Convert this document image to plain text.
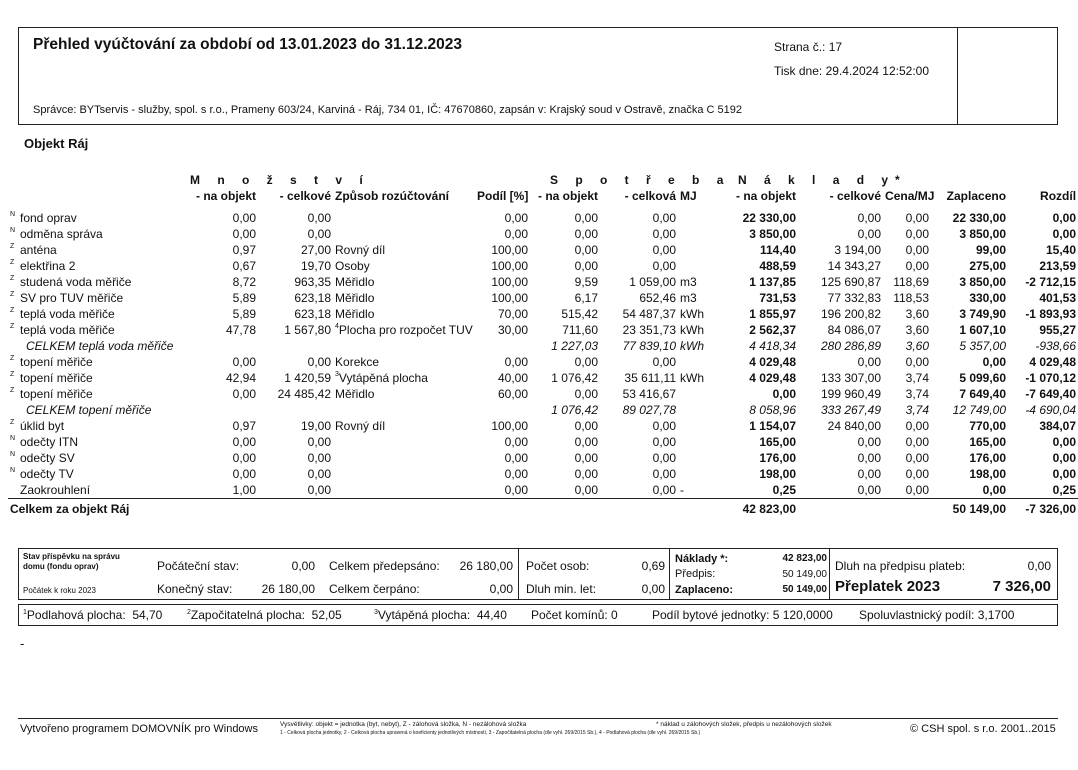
Přehled vyúčtování za období od 13.01.2023 do 31.12.2023	Strana č.: 17
Tisk dne: 29.4.2024 12:52:00
Správce: BYTservis - služby, spol. s r.o., Prameny 603/24, Karviná - Ráj, 734 01, IČ: 47670860, zapsán v: Krajský soud v Ostravě, značka C 5192
Objekt Ráj
	M n o ž s t v í				S p o t ř e b a			N á k l a d y*				
	- na objekt	- celkové	Způsob rozúčtování	Podíl [%]	- na objekt	- celková	MJ	- na objekt	- celkové	Cena/MJ	Zaplaceno	Rozdíl

N fond oprav	0,00	0,00		0,00	0,00	0,00		22 330,00	0,00	0,00	22 330,00	0,00
N odměna správa	0,00	0,00		0,00	0,00	0,00		3 850,00	0,00	0,00	3 850,00	0,00
Z anténa	0,97	27,00	Rovný díl	100,00	0,00	0,00		114,40	3 194,00	0,00	99,00	15,40
Z elektřina 2	0,67	19,70	Osoby	100,00	0,00	0,00		488,59	14 343,27	0,00	275,00	213,59
Z studená voda měřiče	8,72	963,35	Měřidlo	100,00	9,59	1 059,00	m3	1 137,85	125 690,87	118,69	3 850,00	-2 712,15
Z SV pro TUV měřiče	5,89	623,18	Měřidlo	100,00	6,17	652,46	m3	731,53	77 332,83	118,53	330,00	401,53
Z teplá voda měřiče	5,89	623,18	Měřidlo	70,00	515,42	54 487,37	kWh	1 855,97	196 200,82	3,60	3 749,90	-1 893,93
Z teplá voda měřiče	47,78	1 567,80	$^4$Plocha pro rozpočet TUV	30,00	711,60	23 351,73	kWh	2 562,37	84 086,07	3,60	1 607,10	955,27
CELKEM teplá voda měřiče					1 227,03	77 839,10	kWh	4 418,34	280 286,89	3,60	5 357,00	-938,66
Z topení měřiče	0,00	0,00	Korekce	0,00	0,00	0,00		4 029,48	0,00	0,00	0,00	4 029,48
Z topení měřiče	42,94	1 420,59	$^3$Vytápěná plocha	40,00	1 076,42	35 611,11	kWh	4 029,48	133 307,00	3,74	5 099,60	-1 070,12
Z topení měřiče	0,00	24 485,42	Měřidlo	60,00	0,00	53 416,67		0,00	199 960,49	3,74	7 649,40	-7 649,40
CELKEM topení měřiče					1 076,42	89 027,78		8 058,96	333 267,49	3,74	12 749,00	-4 690,04
Z úklid byt	0,97	19,00	Rovný díl	100,00	0,00	0,00		1 154,07	24 840,00	0,00	770,00	384,07
N odečty ITN	0,00	0,00		0,00	0,00	0,00		165,00	0,00	0,00	165,00	0,00
N odečty SV	0,00	0,00		0,00	0,00	0,00		176,00	0,00	0,00	176,00	0,00
N odečty TV	0,00	0,00		0,00	0,00	0,00		198,00	0,00	0,00	198,00	0,00
Zaokrouhlení	1,00	0,00		0,00	0,00	0,00	-	0,25	0,00	0,00	0,00	0,25
Celkem za objekt Ráj								42 823,00			50 149,00	-7 326,00
Stav příspěvku na správu domu (fondu oprav)
Počátek k roku 2023
Počáteční stav:	0,00
Konečný stav:	26 180,00
Celkem předepsáno:	26 180,00
Celkem čerpáno:	0,00
Počet osob:	0,69
Dluh min. let:	0,00
Náklady *:	42 823,00
Předpis:	50 149,00
Zaplaceno:	50 149,00
Dluh na předpisu plateb:	0,00
Přeplatek 2023	7 326,00
$^1$Podlahová plocha: 54,70	$^2$Započitatelná plocha: 52,05	$^3$Vytápěná plocha: 44,40 Počet komínů: 0	Podíl bytové jednotky: 5 120,0000 Spoluvlastnický podíl: 3,1700
-
Vytvořeno programem DOMOVNÍK pro Windows	Vysvětlivky: objekt = jednotka (byt, nebyt), Z - zálohová složka, N - nezálohová složka	* náklad u zálohových složek, předpis u nezálohových složek
1 - Celková plocha jednotky, 2 - Celková plocha upravená o koeficienty jednotlivých místností, 3 - Započitatelná plocha (dle vyhl. 269/2015 Sb.), 4 - Podlahová plocha (dle vyhl. 269/2015 Sb.)	© CSH spol. s r.o. 2001..2015
